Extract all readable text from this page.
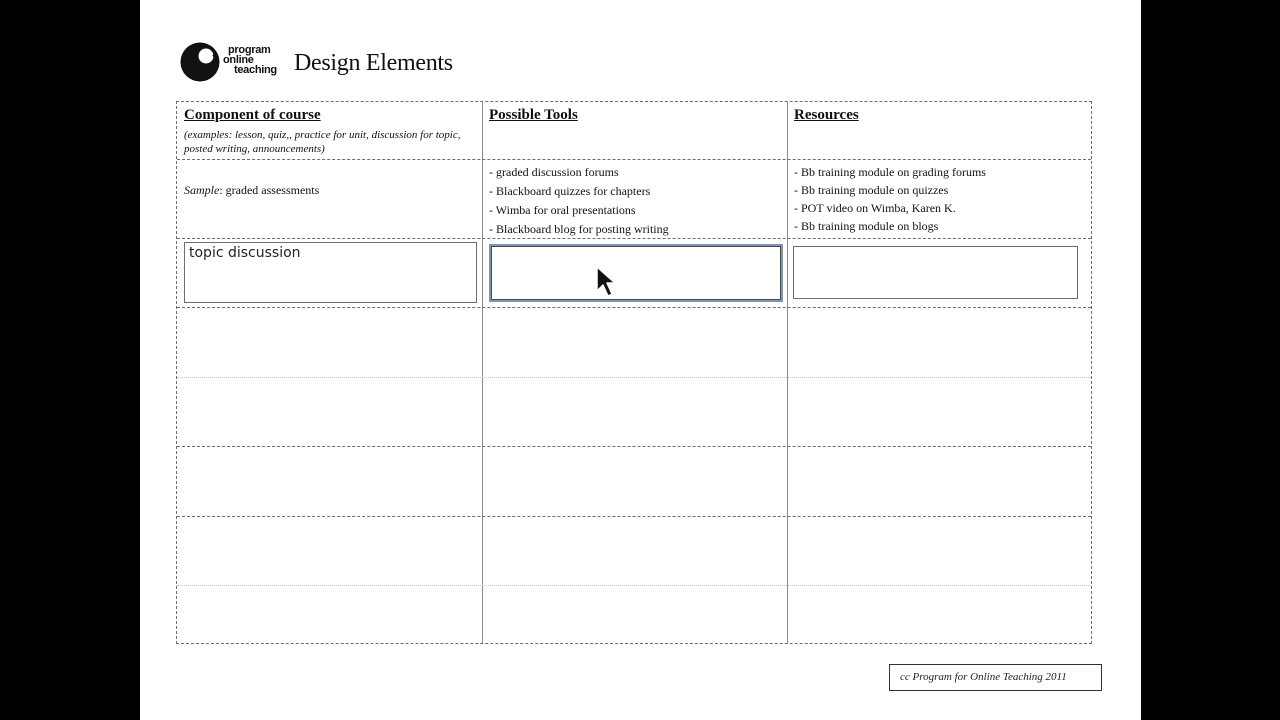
program
online
teaching Design Elements
Component of course
(examples: lesson, quiz,, practice for unit, discussion for topic, posted writing, announcements)
Possible Tools	Resources
Sample: graded assessments
- graded discussion forums
- Blackboard quizzes for chapters
- Wimba for oral presentations
- Blackboard blog for posting writing
- Bb training module on grading forums
- Bb training module on quizzes
- POT video on Wimba, Karen K.
- Bb training module on blogs
topic discussion
cc Program for Online Teaching 2011
